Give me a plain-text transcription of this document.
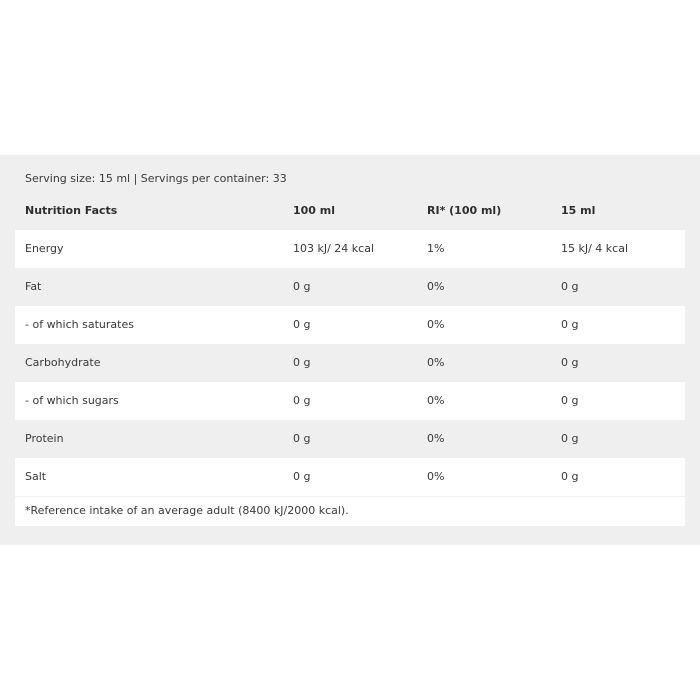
Serving size: 15 ml | Servings per container: 33
Nutrition Facts	100 ml	RI* (100 ml)	15 ml
Energy	103 kJ/ 24 kcal	1%	15 kJ/ 4 kcal
Fat	0 g	0%	0 g
- of which saturates	0 g	0%	0 g
Carbohydrate	0 g	0%	0 g
- of which sugars	0 g	0%	0 g
Protein	0 g	0%	0 g
Salt	0 g	0%	0 g
*Reference intake of an average adult (8400 kJ/2000 kcal).
